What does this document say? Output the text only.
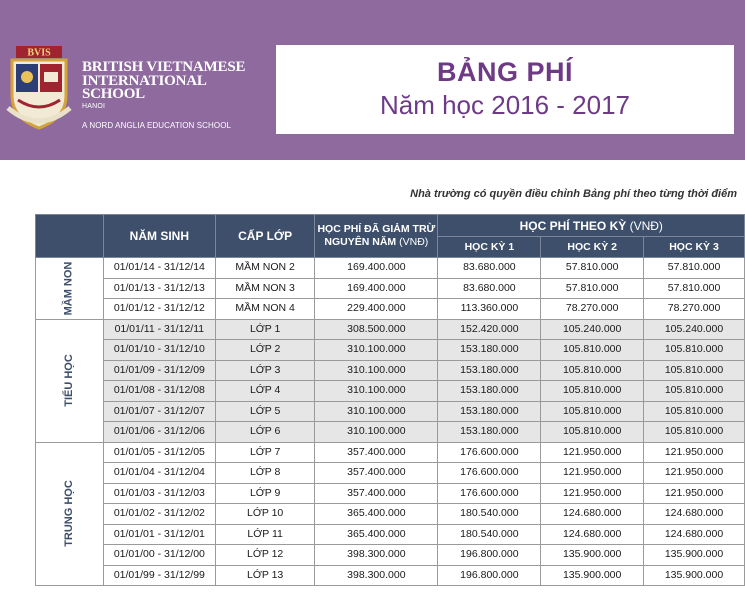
BVIS
BRITISH VIETNAMESE
INTERNATIONAL
SCHOOL
HANOI
A NORD ANGLIA EDUCATION SCHOOL
BẢNG PHÍ
Năm học 2016 - 2017
Nhà trường có quyền điều chỉnh Bảng phí theo từng thời điểm
	NĂM SINH	CẤP LỚP	HỌC PHÍ ĐÃ GIẢM TRỪ
NGUYÊN NĂM (VNĐ)	HỌC PHÍ THEO KỲ (VNĐ)		
				HỌC KỲ 1	HỌC KỲ 2	HỌC KỲ 3
MẦM NON	01/01/14 - 31/12/14	MẦM NON 2	169.400.000	83.680.000	57.810.000	57.810.000
	01/01/13 - 31/12/13	MẦM NON 3	169.400.000	83.680.000	57.810.000	57.810.000
	01/01/12 - 31/12/12	MẦM NON 4	229.400.000	113.360.000	78.270.000	78.270.000
TIỂU HỌC	01/01/11 - 31/12/11	LỚP 1	308.500.000	152.420.000	105.240.000	105.240.000
	01/01/10 - 31/12/10	LỚP 2	310.100.000	153.180.000	105.810.000	105.810.000
	01/01/09 - 31/12/09	LỚP 3	310.100.000	153.180.000	105.810.000	105.810.000
	01/01/08 - 31/12/08	LỚP 4	310.100.000	153.180.000	105.810.000	105.810.000
	01/01/07 - 31/12/07	LỚP 5	310.100.000	153.180.000	105.810.000	105.810.000
	01/01/06 - 31/12/06	LỚP 6	310.100.000	153.180.000	105.810.000	105.810.000
TRUNG HỌC	01/01/05 - 31/12/05	LỚP 7	357.400.000	176.600.000	121.950.000	121.950.000
	01/01/04 - 31/12/04	LỚP 8	357.400.000	176.600.000	121.950.000	121.950.000
	01/01/03 - 31/12/03	LỚP 9	357.400.000	176.600.000	121.950.000	121.950.000
	01/01/02 - 31/12/02	LỚP 10	365.400.000	180.540.000	124.680.000	124.680.000
	01/01/01 - 31/12/01	LỚP 11	365.400.000	180.540.000	124.680.000	124.680.000
	01/01/00 - 31/12/00	LỚP 12	398.300.000	196.800.000	135.900.000	135.900.000
	01/01/99 - 31/12/99	LỚP 13	398.300.000	196.800.000	135.900.000	135.900.000
